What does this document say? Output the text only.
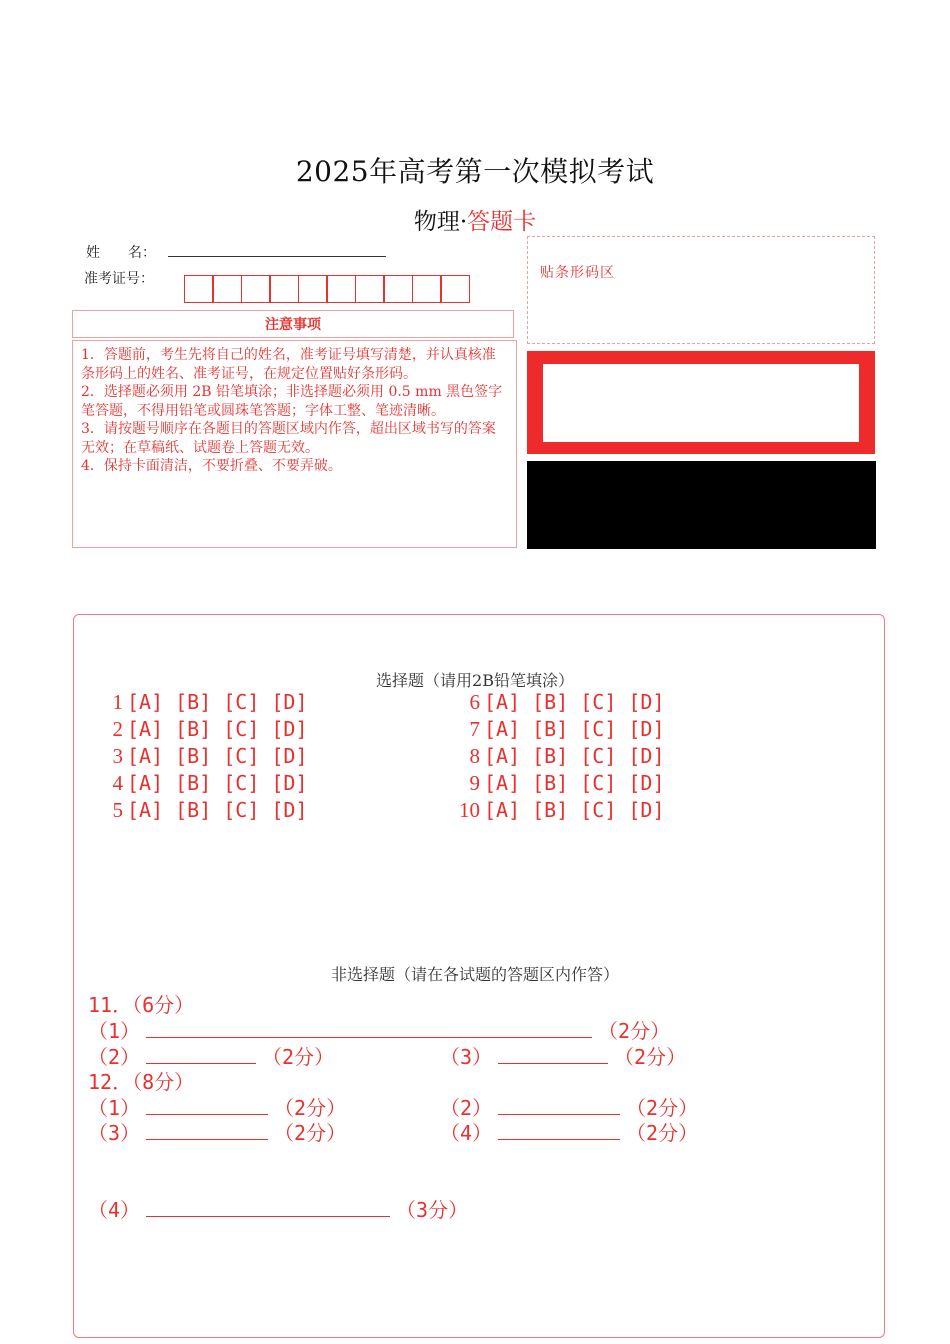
2025年高考第一次模拟考试
物理·答题卡
姓　　名：
准考证号：
注意事项

1．答题前，考生先将自己的姓名，准考证号填写清楚，并认真核准条形码上的姓名、准考证号，在规定位置贴好条形码。

2．选择题必须用 2B 铅笔填涂；非选择题必须用 0.5 mm 黑色签字笔答题，不得用铅笔或圆珠笔答题；字体工整、笔迹清晰。

3．请按题号顺序在各题目的答题区域内作答，超出区域书写的答案无效；在草稿纸、试题卷上答题无效。

4．保持卡面清洁，不要折叠、不要弄破。

贴条形码区
选择题（请用2B铅笔填涂）
1 [A] [B] [C] [D]
2 [A] [B] [C] [D]
3 [A] [B] [C] [D]
4 [A] [B] [C] [D]
5 [A] [B] [C] [D]
6 [A] [B] [C] [D]
7 [A] [B] [C] [D]
8 [A] [B] [C] [D]
9 [A] [B] [C] [D]
10 [A] [B] [C] [D]
非选择题（请在各试题的答题区内作答）
11．（6分）
（1）	（2分）
（2）	（2分）	（3）	（2分）
12．（8分）
（1）	（2分）	（2）	（2分）
（3）	（2分）	（4）	（2分）
（4）	（3分）
